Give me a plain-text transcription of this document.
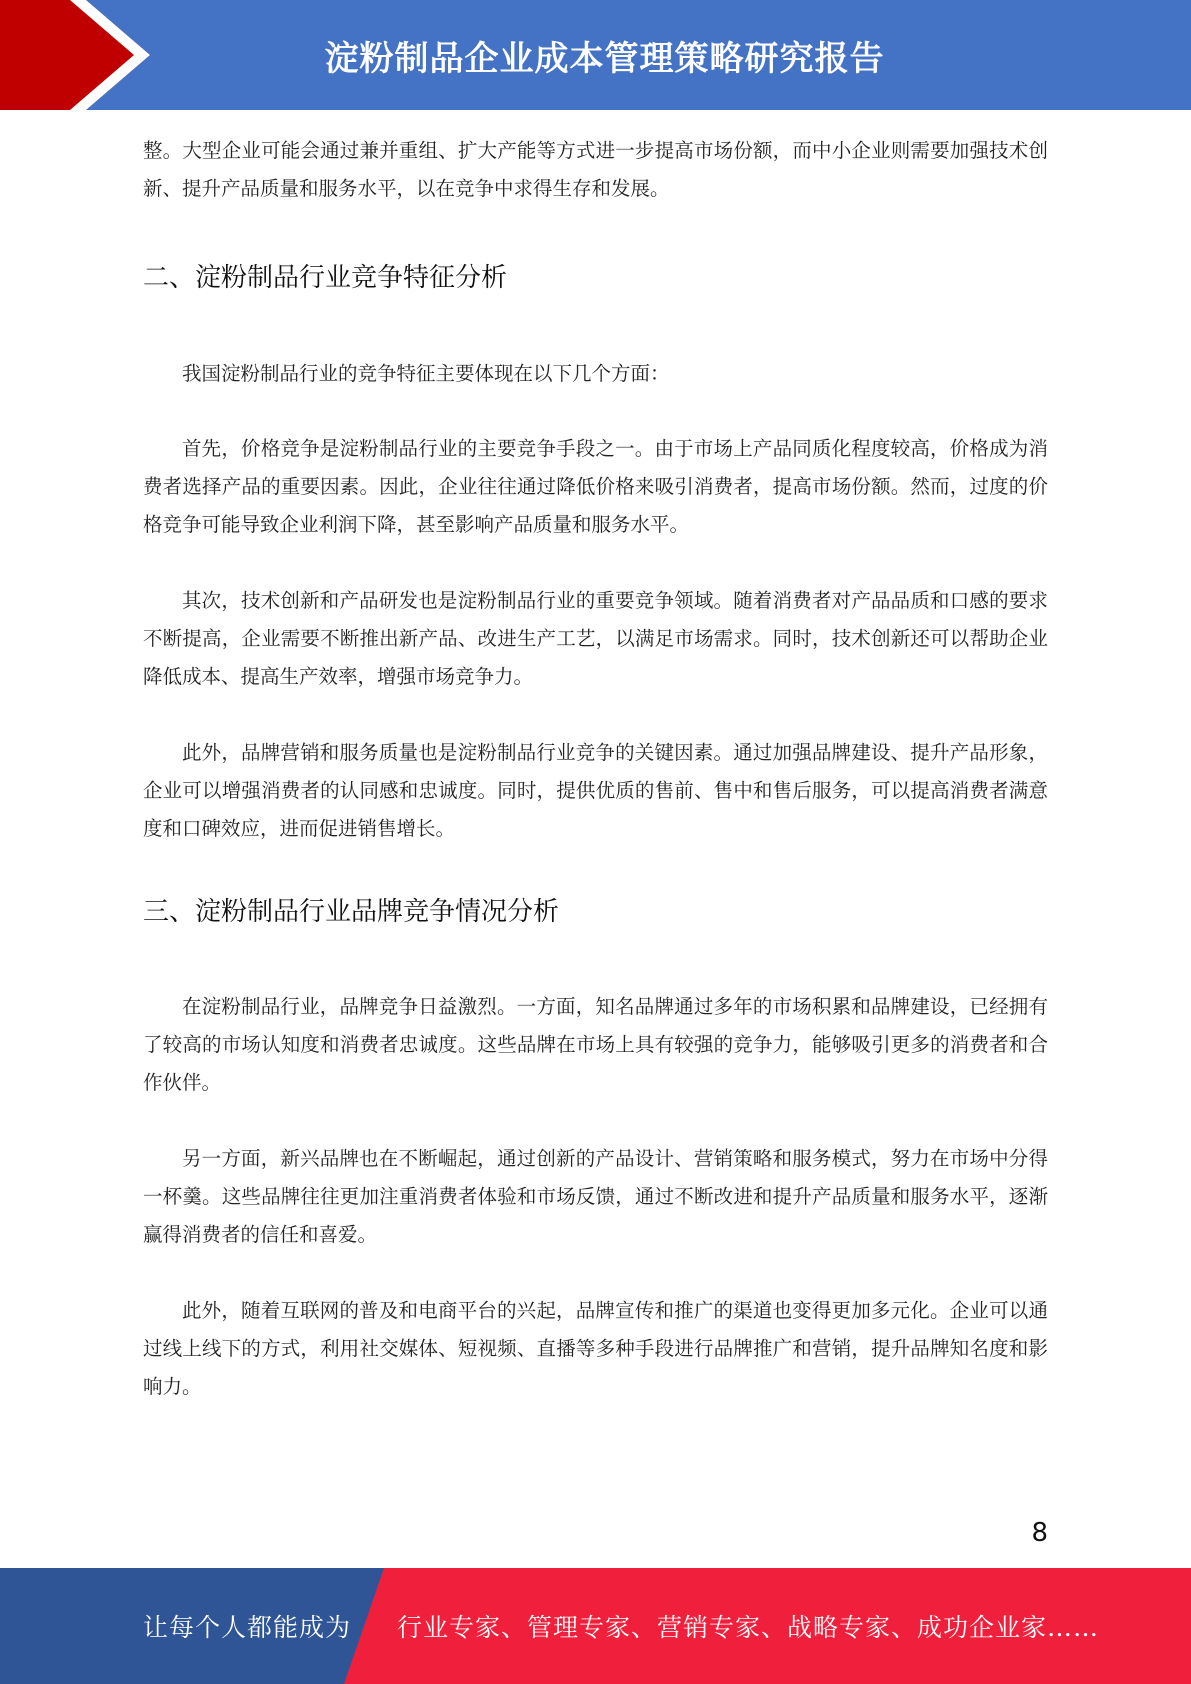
淀粉制品企业成本管理策略研究报告

整。大型企业可能会通过兼并重组、扩大产能等方式进一步提高市场份额，而中小企业则需要加强技术创新、提升产品质量和服务水平，以在竞争中求得生存和发展。

二、淀粉制品行业竞争特征分析

我国淀粉制品行业的竞争特征主要体现在以下几个方面：

首先，价格竞争是淀粉制品行业的主要竞争手段之一。由于市场上产品同质化程度较高，价格成为消费者选择产品的重要因素。因此，企业往往通过降低价格来吸引消费者，提高市场份额。然而，过度的价格竞争可能导致企业利润下降，甚至影响产品质量和服务水平。

其次，技术创新和产品研发也是淀粉制品行业的重要竞争领域。随着消费者对产品品质和口感的要求不断提高，企业需要不断推出新产品、改进生产工艺，以满足市场需求。同时，技术创新还可以帮助企业降低成本、提高生产效率，增强市场竞争力。

此外，品牌营销和服务质量也是淀粉制品行业竞争的关键因素。通过加强品牌建设、提升产品形象，企业可以增强消费者的认同感和忠诚度。同时，提供优质的售前、售中和售后服务，可以提高消费者满意度和口碑效应，进而促进销售增长。

三、淀粉制品行业品牌竞争情况分析

在淀粉制品行业，品牌竞争日益激烈。一方面，知名品牌通过多年的市场积累和品牌建设，已经拥有了较高的市场认知度和消费者忠诚度。这些品牌在市场上具有较强的竞争力，能够吸引更多的消费者和合作伙伴。

另一方面，新兴品牌也在不断崛起，通过创新的产品设计、营销策略和服务模式，努力在市场中分得一杯羹。这些品牌往往更加注重消费者体验和市场反馈，通过不断改进和提升产品质量和服务水平，逐渐赢得消费者的信任和喜爱。

此外，随着互联网的普及和电商平台的兴起，品牌宣传和推广的渠道也变得更加多元化。企业可以通过线上线下的方式，利用社交媒体、短视频、直播等多种手段进行品牌推广和营销，提升品牌知名度和影响力。

8
让每个人都能成为 行业专家、管理专家、营销专家、战略专家、成功企业家……
